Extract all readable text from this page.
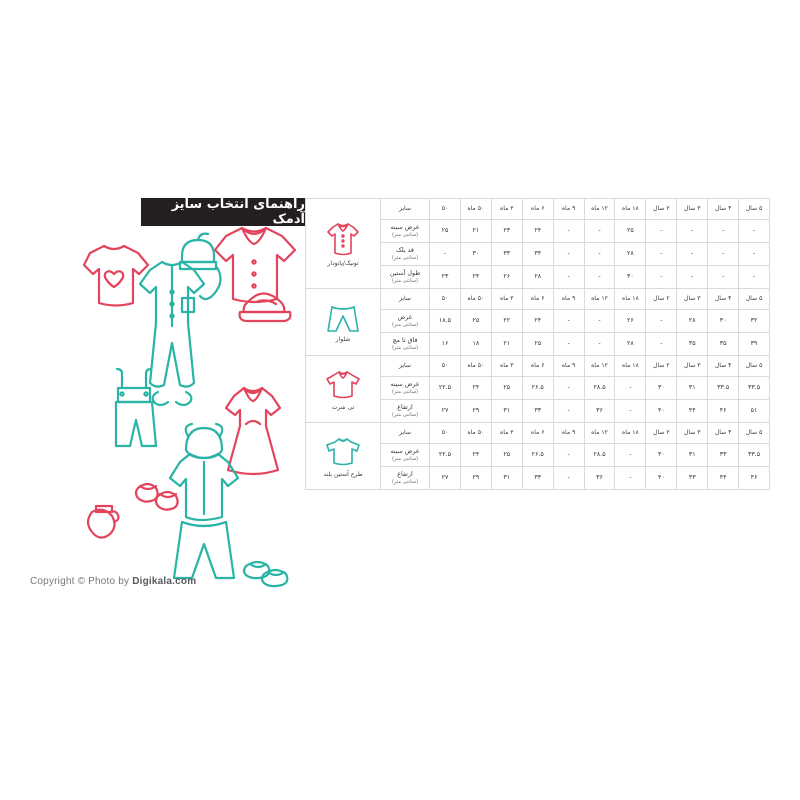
راهنمای انتخاب سایز آدمک
Copyright © Photo by Digikala.com
۵ سال	۴ سال	۳ سال	۲ سال	۱۸ ماه	۱۲ ماه	۹ ماه	۶ ماه	۳ ماه	۵۰ ماه	۵۰	سایز	تونیک/پاتودار

-	-	-	-	۲۵	-	-	۲۴	۲۳	۲۱	۲۵	عرض سینه
(سانتی متر)	

-	-	-	-	۲۸	-	-	۳۴	۳۳	۳۰	-	قد بلک
(سانتی متر)	

-	-	-	-	۳۰	-	-	۲۸	۲۶	۲۴	۲۳	طول آستین
(سانتی متر)	

۵ سال	۴ سال	۳ سال	۲ سال	۱۸ ماه	۱۲ ماه	۹ ماه	۶ ماه	۳ ماه	۵۰ ماه	۵۰	سایز	شلوار

۳۲	۳۰	۲۸	-	۲۶	-	-	۲۴	۲۲	۲۵	۱۸.۵	عرض
(سانتی متر)	

۳۹	۳۵	۳۵	-	۲۸	-	-	۲۵	۲۱	۱۸	۱۶	فاق تا مچ
(سانتی متر)	

۵ سال	۴ سال	۳ سال	۲ سال	۱۸ ماه	۱۲ ماه	۹ ماه	۶ ماه	۳ ماه	۵۰ ماه	۵۰	سایز	تی شرت

۳۳.۵	۳۳.۵	۳۱	۳۰	-	۲۸.۵	-	۲۶.۵	۲۵	۲۴	۲۲.۵	عرض سینه
(سانتی متر)	

۵۱	۴۶	۴۴	۴۰	-	۳۶	-	۳۳	۳۱	۲۹	۲۷	ارتفاع
(سانتی متر)	

۵ سال	۴ سال	۳ سال	۲ سال	۱۸ ماه	۱۲ ماه	۹ ماه	۶ ماه	۳ ماه	۵۰ ماه	۵۰	سایز	طرح آستین بلند

۳۳.۵	۳۳	۳۱	۳۰	-	۲۸.۵	-	۲۶.۵	۲۵	۲۴	۲۲.۵	عرض سینه
(سانتی متر)	

۴۶	۴۴	۴۳	۴۰	-	۳۶	-	۳۳	۳۱	۲۹	۲۷	ارتفاع
(سانتی متر)	
